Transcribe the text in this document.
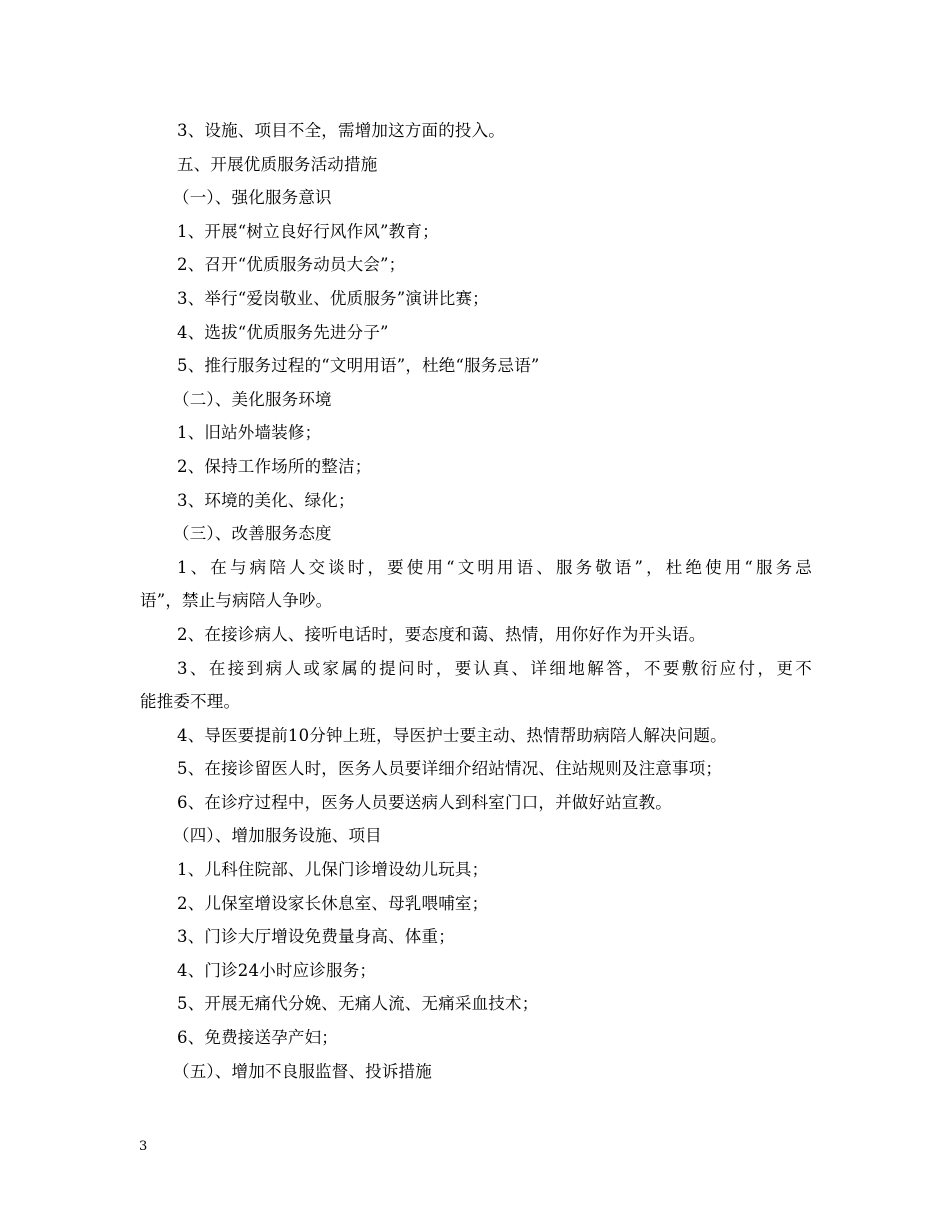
3、设施、项目不全，需增加这方面的投入。
五、开展优质服务活动措施
（一）、强化服务意识
1、开展“树立良好行风作风”教育；
2、召开“优质服务动员大会”；
3、举行“爱岗敬业、优质服务”演讲比赛；
4、选拔“优质服务先进分子”
5、推行服务过程的“文明用语”，杜绝“服务忌语”
（二）、美化服务环境
1、旧站外墙装修；
2、保持工作场所的整洁；
3、环境的美化、绿化；
（三）、改善服务态度
1、在与病陪人交谈时，要使用“文明用语、服务敬语”，杜绝使用“服务忌
语”，禁止与病陪人争吵。
2、在接诊病人、接听电话时，要态度和蔼、热情，用你好作为开头语。
3、在接到病人或家属的提问时，要认真、详细地解答，不要敷衍应付，更不
能推委不理。
4、导医要提前10分钟上班，导医护士要主动、热情帮助病陪人解决问题。
5、在接诊留医人时，医务人员要详细介绍站情况、住站规则及注意事项；
6、在诊疗过程中，医务人员要送病人到科室门口，并做好站宣教。
（四）、增加服务设施、项目
1、儿科住院部、儿保门诊增设幼儿玩具；
2、儿保室增设家长休息室、母乳喂哺室；
3、门诊大厅增设免费量身高、体重；
4、门诊24小时应诊服务；
5、开展无痛代分娩、无痛人流、无痛采血技术；
6、免费接送孕产妇；
（五）、增加不良服监督、投诉措施
3
